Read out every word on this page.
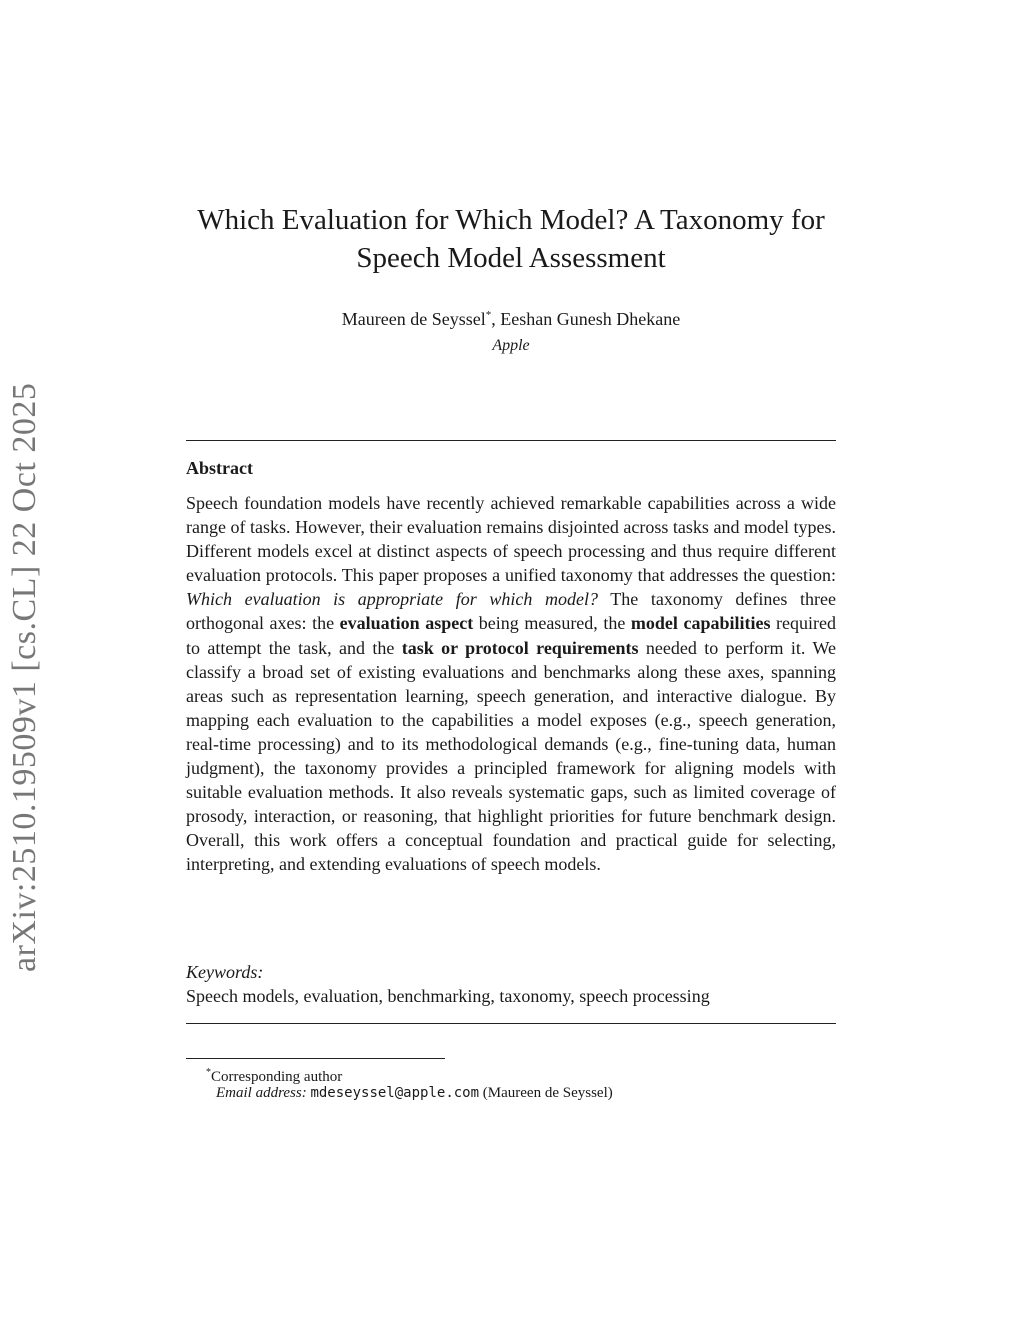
arXiv:2510.19509v1 [cs.CL] 22 Oct 2025
Which Evaluation for Which Model? A Taxonomy for
Speech Model Assessment
Maureen de Seyssel*, Eeshan Gunesh Dhekane
Apple
Abstract
Speech foundation models have recently achieved remarkable capabilities across a wide range of tasks. However, their evaluation remains disjointed across tasks and model types. Different models excel at distinct aspects of speech processing and thus require different evaluation protocols. This paper proposes a unified taxonomy that addresses the question: Which evaluation is appropriate for which model? The taxonomy defines three orthogonal axes: the evaluation aspect being measured, the model capabilities required to attempt the task, and the task or protocol requirements needed to perform it. We classify a broad set of existing evaluations and benchmarks along these axes, spanning areas such as representation learning, speech generation, and interactive dialogue. By mapping each evaluation to the capabilities a model exposes (e.g., speech generation, real-time processing) and to its methodological demands (e.g., fine-tuning data, human judgment), the taxonomy provides a principled framework for aligning models with suitable evaluation methods. It also reveals systematic gaps, such as limited coverage of prosody, interaction, or reasoning, that highlight priorities for future benchmark design. Overall, this work offers a conceptual foundation and practical guide for selecting, interpreting, and extending evaluations of speech models.
Keywords:
Speech models, evaluation, benchmarking, taxonomy, speech processing
*Corresponding author
Email address: mdeseyssel@apple.com (Maureen de Seyssel)
